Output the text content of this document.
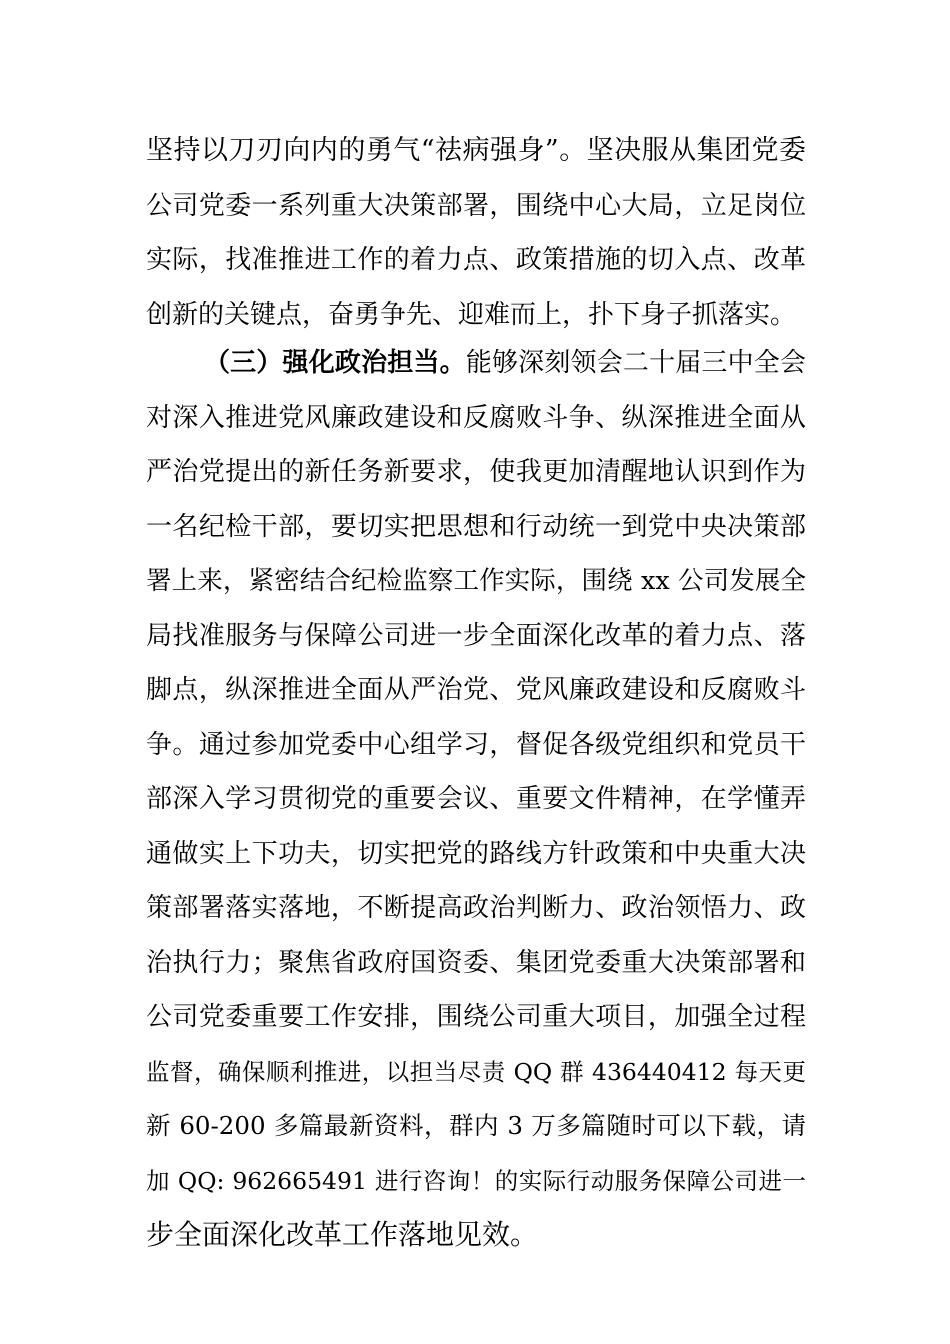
坚持以刀刃向内的勇气“祛病强身”。坚决服从集团党委
公司党委一系列重大决策部署，围绕中心大局，立足岗位
实际，找准推进工作的着力点、政策措施的切入点、改革
创新的关键点，奋勇争先、迎难而上，扑下身子抓落实。
（三）强化政治担当。能够深刻领会二十届三中全会
对深入推进党风廉政建设和反腐败斗争、纵深推进全面从
严治党提出的新任务新要求，使我更加清醒地认识到作为
一名纪检干部，要切实把思想和行动统一到党中央决策部
署上来，紧密结合纪检监察工作实际，围绕 xx 公司发展全
局找准服务与保障公司进一步全面深化改革的着力点、落
脚点，纵深推进全面从严治党、党风廉政建设和反腐败斗
争。通过参加党委中心组学习，督促各级党组织和党员干
部深入学习贯彻党的重要会议、重要文件精神，在学懂弄
通做实上下功夫，切实把党的路线方针政策和中央重大决
策部署落实落地，不断提高政治判断力、政治领悟力、政
治执行力；聚焦省政府国资委、集团党委重大决策部署和
公司党委重要工作安排，围绕公司重大项目，加强全过程
监督，确保顺利推进，以担当尽责 QQ 群 436440412 每天更
新 60-200 多篇最新资料，群内 3 万多篇随时可以下载，请
加 QQ: 962665491 进行咨询！的实际行动服务保障公司进一
步全面深化改革工作落地见效。
